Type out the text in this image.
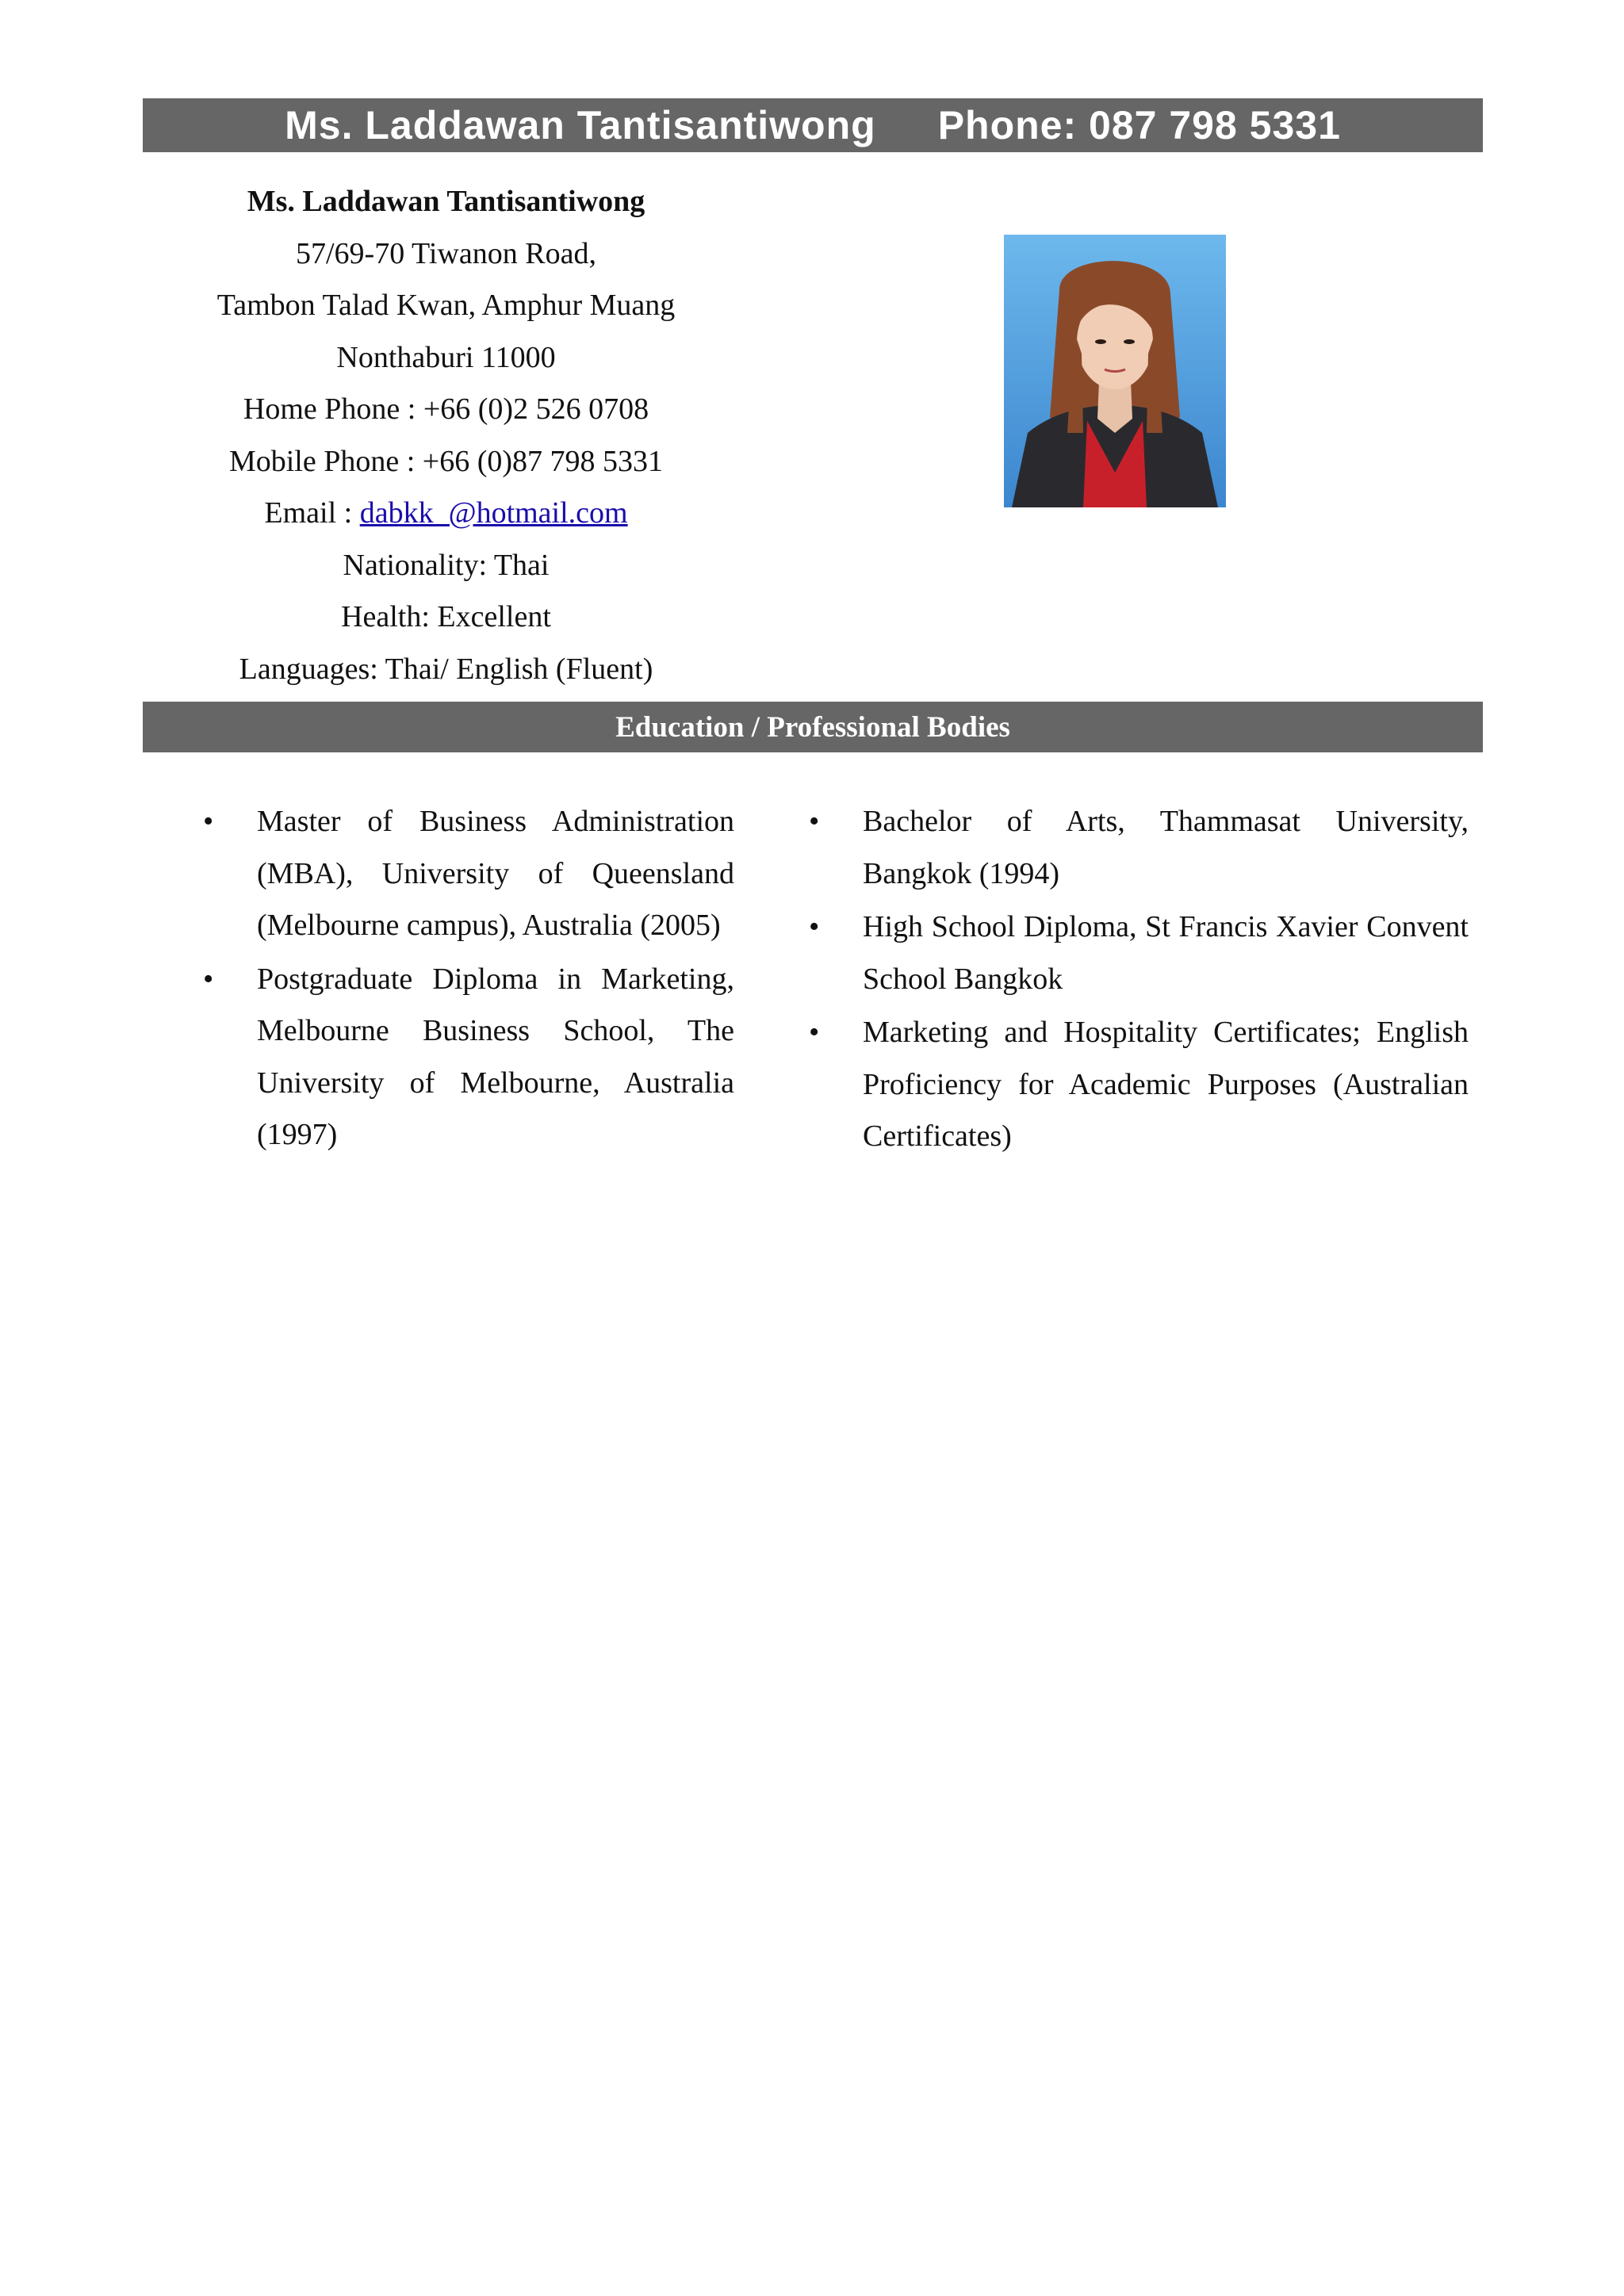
Ms. Laddawan Tantisantiwong Phone: 087 798 5331
Ms. Laddawan Tantisantiwong
57/69-70 Tiwanon Road,
Tambon Talad Kwan, Amphur Muang
Nonthaburi 11000
Home Phone : +66 (0)2 526 0708
Mobile Phone : +66 (0)87 798 5331
Email : dabkk_@hotmail.com
Nationality: Thai
Health: Excellent
Languages: Thai/ English (Fluent)
Education / Professional Bodies
• Master of Business Administration (MBA), University of Queensland (Melbourne campus), Australia (2005)
• Postgraduate Diploma in Marketing, Melbourne Business School, The University of Melbourne, Australia (1997)
• Bachelor of Arts, Thammasat University, Bangkok (1994)
• High School Diploma, St Francis Xavier Convent School Bangkok
• Marketing and Hospitality Certificates; English Proficiency for Academic Purposes (Australian Certificates)
